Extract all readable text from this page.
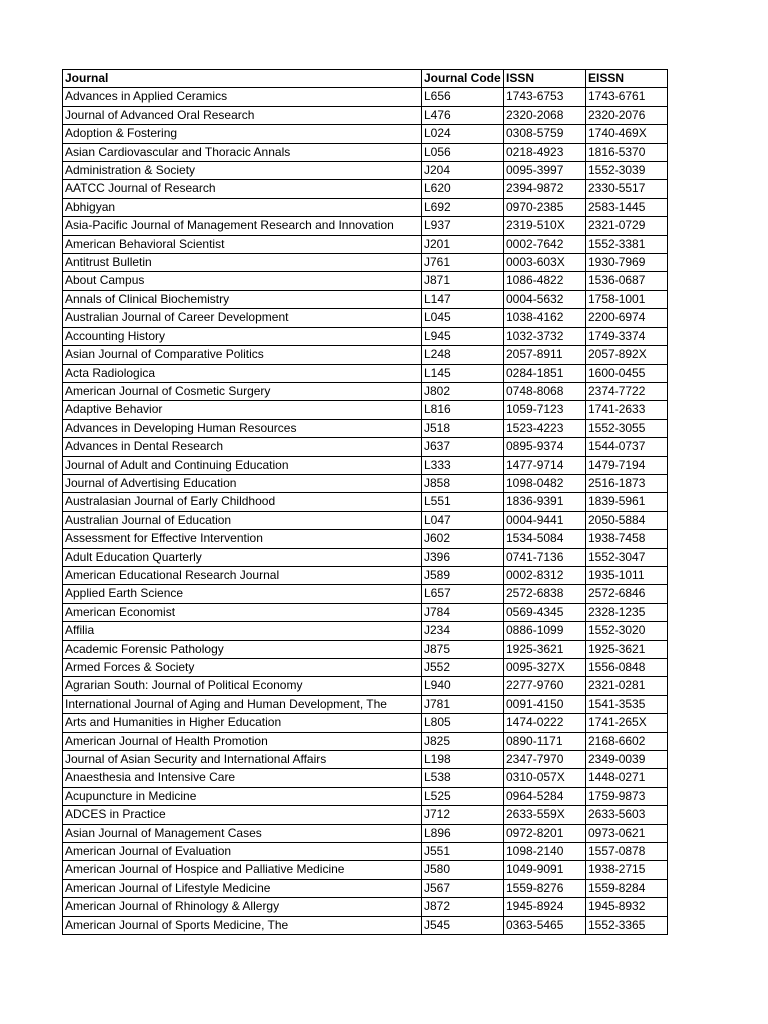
Journal	Journal Code	ISSN	EISSN
Advances in Applied Ceramics	L656	1743-6753	1743-6761
Journal of Advanced Oral Research	L476	2320-2068	2320-2076
Adoption & Fostering	L024	0308-5759	1740-469X
Asian Cardiovascular and Thoracic Annals	L056	0218-4923	1816-5370
Administration & Society	J204	0095-3997	1552-3039
AATCC Journal of Research	L620	2394-9872	2330-5517
Abhigyan	L692	0970-2385	2583-1445
Asia-Pacific Journal of Management Research and Innovation	L937	2319-510X	2321-0729
American Behavioral Scientist	J201	0002-7642	1552-3381
Antitrust Bulletin	J761	0003-603X	1930-7969
About Campus	J871	1086-4822	1536-0687
Annals of Clinical Biochemistry	L147	0004-5632	1758-1001
Australian Journal of Career Development	L045	1038-4162	2200-6974
Accounting History	L945	1032-3732	1749-3374
Asian Journal of Comparative Politics	L248	2057-8911	2057-892X
Acta Radiologica	L145	0284-1851	1600-0455
American Journal of Cosmetic Surgery	J802	0748-8068	2374-7722
Adaptive Behavior	L816	1059-7123	1741-2633
Advances in Developing Human Resources	J518	1523-4223	1552-3055
Advances in Dental Research	J637	0895-9374	1544-0737
Journal of Adult and Continuing Education	L333	1477-9714	1479-7194
Journal of Advertising Education	J858	1098-0482	2516-1873
Australasian Journal of Early Childhood	L551	1836-9391	1839-5961
Australian Journal of Education	L047	0004-9441	2050-5884
Assessment for Effective Intervention	J602	1534-5084	1938-7458
Adult Education Quarterly	J396	0741-7136	1552-3047
American Educational Research Journal	J589	0002-8312	1935-1011
Applied Earth Science	L657	2572-6838	2572-6846
American Economist	J784	0569-4345	2328-1235
Affilia	J234	0886-1099	1552-3020
Academic Forensic Pathology	J875	1925-3621	1925-3621
Armed Forces & Society	J552	0095-327X	1556-0848
Agrarian South: Journal of Political Economy	L940	2277-9760	2321-0281
International Journal of Aging and Human Development, The	J781	0091-4150	1541-3535
Arts and Humanities in Higher Education	L805	1474-0222	1741-265X
American Journal of Health Promotion	J825	0890-1171	2168-6602
Journal of Asian Security and International Affairs	L198	2347-7970	2349-0039
Anaesthesia and Intensive Care	L538	0310-057X	1448-0271
Acupuncture in Medicine	L525	0964-5284	1759-9873
ADCES in Practice	J712	2633-559X	2633-5603
Asian Journal of Management Cases	L896	0972-8201	0973-0621
American Journal of Evaluation	J551	1098-2140	1557-0878
American Journal of Hospice and Palliative Medicine	J580	1049-9091	1938-2715
American Journal of Lifestyle Medicine	J567	1559-8276	1559-8284
American Journal of Rhinology & Allergy	J872	1945-8924	1945-8932
American Journal of Sports Medicine, The	J545	0363-5465	1552-3365
